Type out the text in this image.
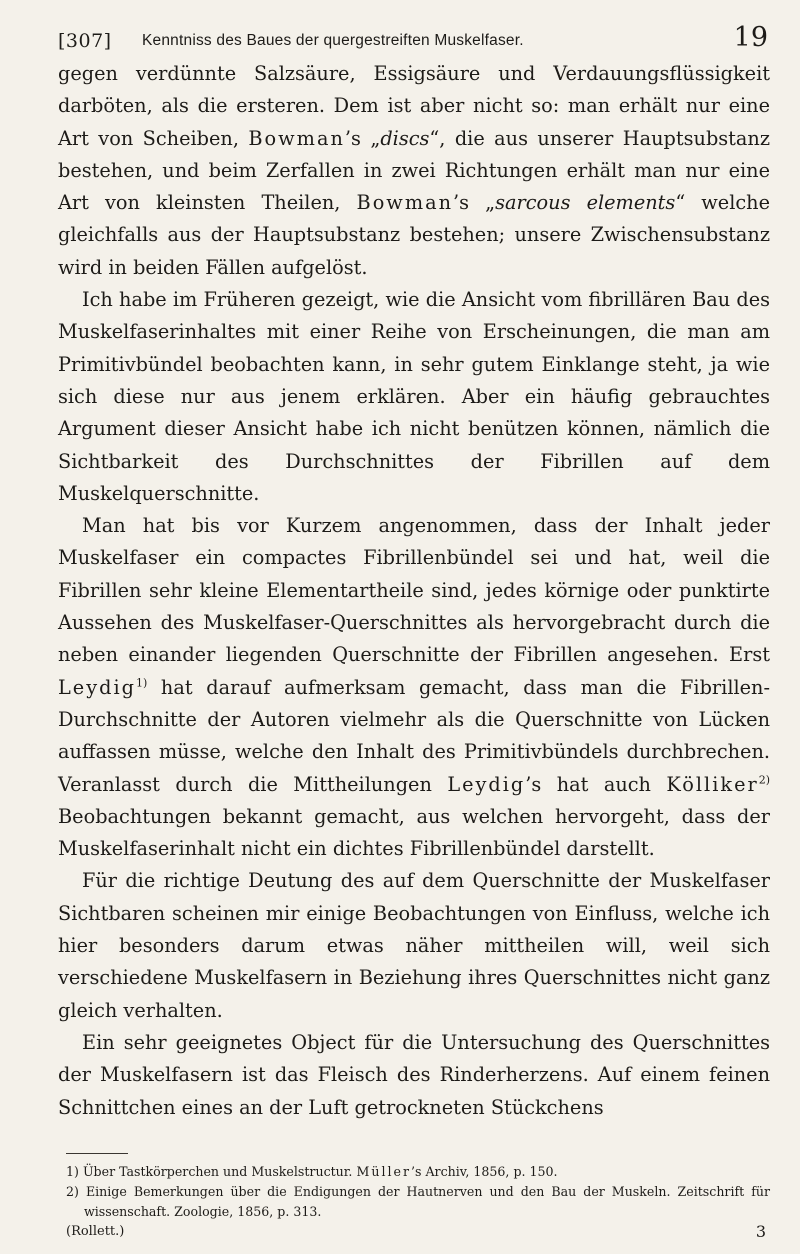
[307] Kenntniss des Baues der quergestreiften Muskelfaser.	19

gegen verdünnte Salzsäure, Essigsäure und Verdauungsflüssigkeit darböten, als die ersteren. Dem ist aber nicht so: man erhält nur eine Art von Scheiben, Bowman’s „discs“, die aus unserer Hauptsubstanz bestehen, und beim Zerfallen in zwei Richtungen erhält man nur eine Art von kleinsten Theilen, Bowman’s „sarcous elements“ welche gleichfalls aus der Hauptsubstanz bestehen; unsere Zwischensubstanz wird in beiden Fällen aufgelöst.

Ich habe im Früheren gezeigt, wie die Ansicht vom fibrillären Bau des Muskelfaserinhaltes mit einer Reihe von Erscheinungen, die man am Primitivbündel beobachten kann, in sehr gutem Einklange steht, ja wie sich diese nur aus jenem erklären. Aber ein häufig gebrauchtes Argument dieser Ansicht habe ich nicht benützen können, nämlich die Sichtbarkeit des Durchschnittes der Fibrillen auf dem Muskelquerschnitte.

Man hat bis vor Kurzem angenommen, dass der Inhalt jeder Muskelfaser ein compactes Fibrillenbündel sei und hat, weil die Fibrillen sehr kleine Elementartheile sind, jedes körnige oder punktirte Aussehen des Muskelfaser-Querschnittes als hervorgebracht durch die neben einander liegenden Querschnitte der Fibrillen angesehen. Erst Leydig$^{1)}$ hat darauf aufmerksam gemacht, dass man die Fibrillen-Durchschnitte der Autoren vielmehr als die Querschnitte von Lücken auffassen müsse, welche den Inhalt des Primitivbündels durchbrechen. Veranlasst durch die Mittheilungen Leydig’s hat auch Kölliker$^{2)}$ Beobachtungen bekannt gemacht, aus welchen hervorgeht, dass der Muskelfaserinhalt nicht ein dichtes Fibrillenbündel darstellt.

Für die richtige Deutung des auf dem Querschnitte der Muskelfaser Sichtbaren scheinen mir einige Beobachtungen von Einfluss, welche ich hier besonders darum etwas näher mittheilen will, weil sich verschiedene Muskelfasern in Beziehung ihres Querschnittes nicht ganz gleich verhalten.

Ein sehr geeignetes Object für die Untersuchung des Querschnittes der Muskelfasern ist das Fleisch des Rinderherzens. Auf einem feinen Schnittchen eines an der Luft getrockneten Stückchens

1) Über Tastkörperchen und Muskelstructur. Müller’s Archiv, 1856, p. 150.

2) Einige Bemerkungen über die Endigungen der Hautnerven und den Bau der Muskeln. Zeitschrift für wissenschaft. Zoologie, 1856, p. 313.

(Rollett.)	3
